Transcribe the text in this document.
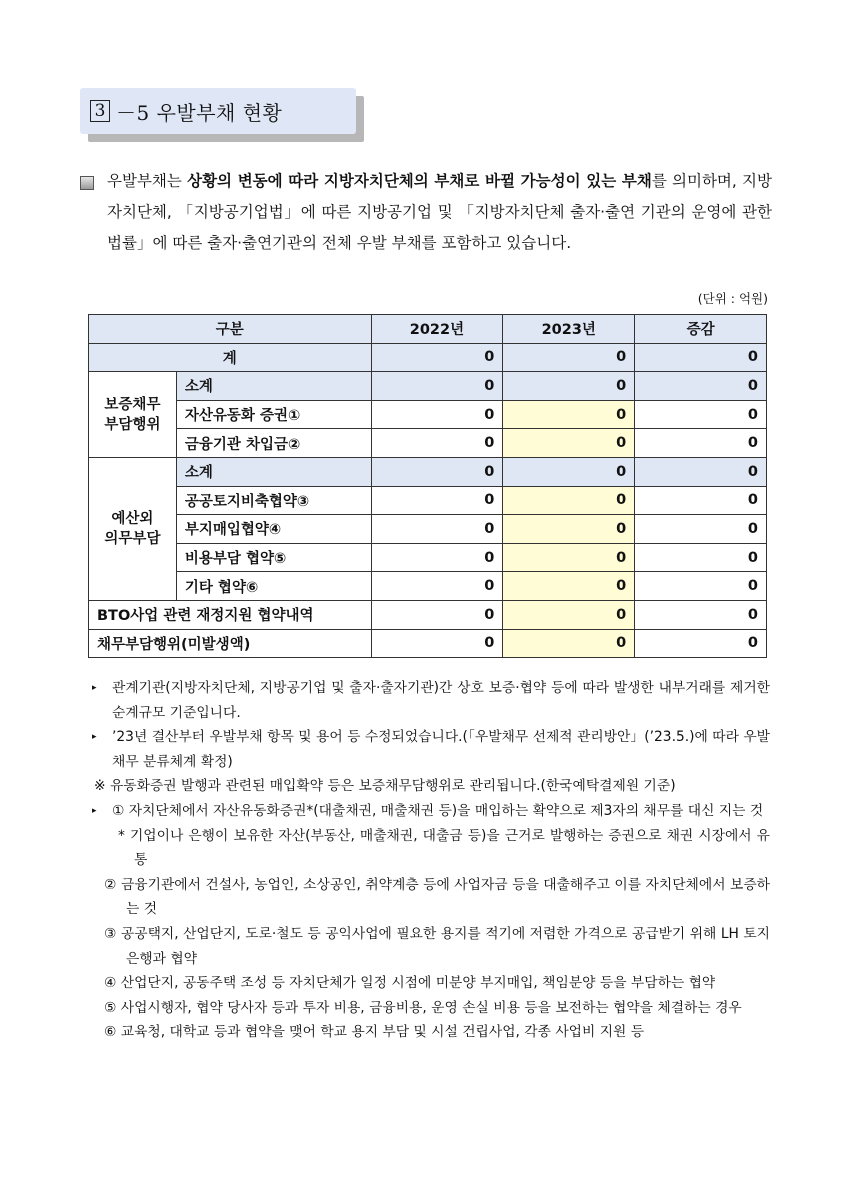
3 －5 우발부채 현황
우발부채는 상황의 변동에 따라 지방자치단체의 부채로 바뀔 가능성이 있는 부채를 의미하며, 지방자치단체, 「지방공기업법」에 따른 지방공기업 및 「지방자치단체 출자·출연 기관의 운영에 관한 법률」에 따른 출자·출연기관의 전체 우발 부채를 포함하고 있습니다.
(단위 : 억원)
구분		2022년	2023년	증감
계		0	0	0
보증채무
부담행위	소계	0	0	0
	자산유동화 증권①	0	0	0
	금융기관 차입금②	0	0	0
예산외
의무부담	소계	0	0	0
	공공토지비축협약③	0	0	0
	부지매입협약④	0	0	0
	비용부담 협약⑤	0	0	0
	기타 협약⑥	0	0	0
BTO사업 관련 재정지원 협약내역		0	0	0
채무부담행위(미발생액)		0	0	0
▸ 관계기관(지방자치단체, 지방공기업 및 출자·출자기관)간 상호 보증·협약 등에 따라 발생한 내부거래를 제거한 순계규모 기준입니다.
▸ ’23년 결산부터 우발부채 항목 및 용어 등 수정되었습니다.(「우발채무 선제적 관리방안」(’23.5.)에 따라 우발채무 분류체계 확정)
※ 유동화증권 발행과 관련된 매입확약 등은 보증채무담행위로 관리됩니다.(한국예탁결제원 기준)
▸ ① 자치단체에서 자산유동화증권*(대출채권, 매출채권 등)을 매입하는 확약으로 제3자의 채무를 대신 지는 것
* 기업이나 은행이 보유한 자산(부동산, 매출채권, 대출금 등)을 근거로 발행하는 증권으로 채권 시장에서 유통
② 금융기관에서 건설사, 농업인, 소상공인, 취약계층 등에 사업자금 등을 대출해주고 이를 자치단체에서 보증하는 것
③ 공공택지, 산업단지, 도로·철도 등 공익사업에 필요한 용지를 적기에 저렴한 가격으로 공급받기 위해 LH 토지은행과 협약
④ 산업단지, 공동주택 조성 등 자치단체가 일정 시점에 미분양 부지매입, 책임분양 등을 부담하는 협약
⑤ 사업시행자, 협약 당사자 등과 투자 비용, 금융비용, 운영 손실 비용 등을 보전하는 협약을 체결하는 경우
⑥ 교육청, 대학교 등과 협약을 맺어 학교 용지 부담 및 시설 건립사업, 각종 사업비 지원 등
